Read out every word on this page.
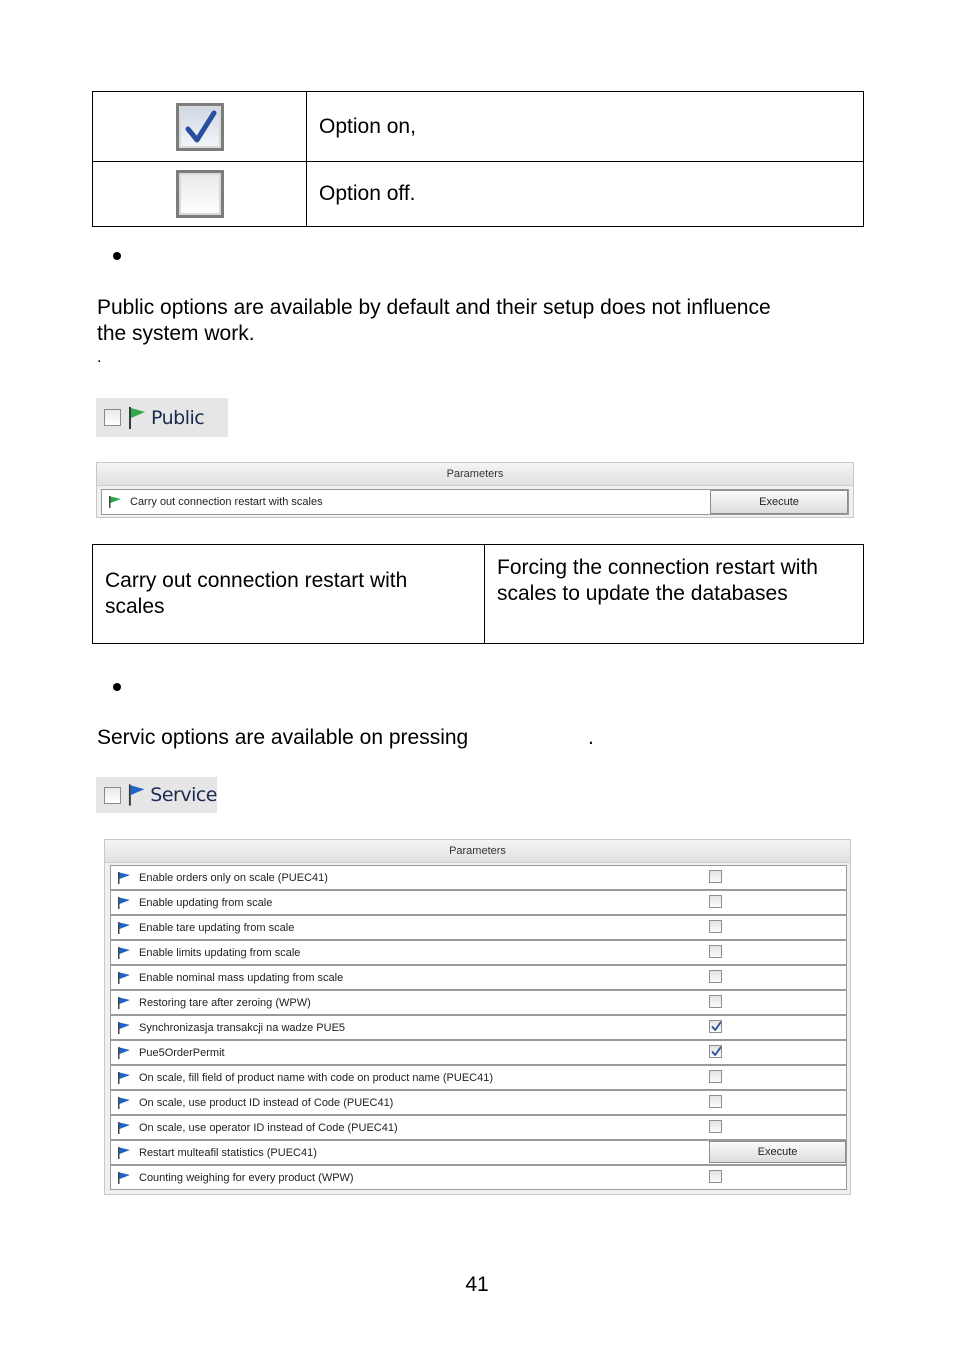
	Option on,
	Option off.
Public options are available by default and their setup does not influence
the system work.
.
Public
Parameters
Carry out connection restart with scales	Execute
Carry out connection restart with scales	Forcing the connection restart with scales to update the databases
Servic options are available on pressing	.
Service
Parameters
Enable orders only on scale (PUEC41)
Enable updating from scale
Enable tare updating from scale
Enable limits updating from scale
Enable nominal mass updating from scale
Restoring tare after zeroing (WPW)
Synchronizasja transakcji na wadze PUE5
Pue5OrderPermit
On scale, fill field of product name with code on product name (PUEC41)
On scale, use product ID instead of Code (PUEC41)
On scale, use operator ID instead of Code (PUEC41)
Restart multeafil statistics (PUEC41)	Execute
Counting weighing for every product (WPW)
41
